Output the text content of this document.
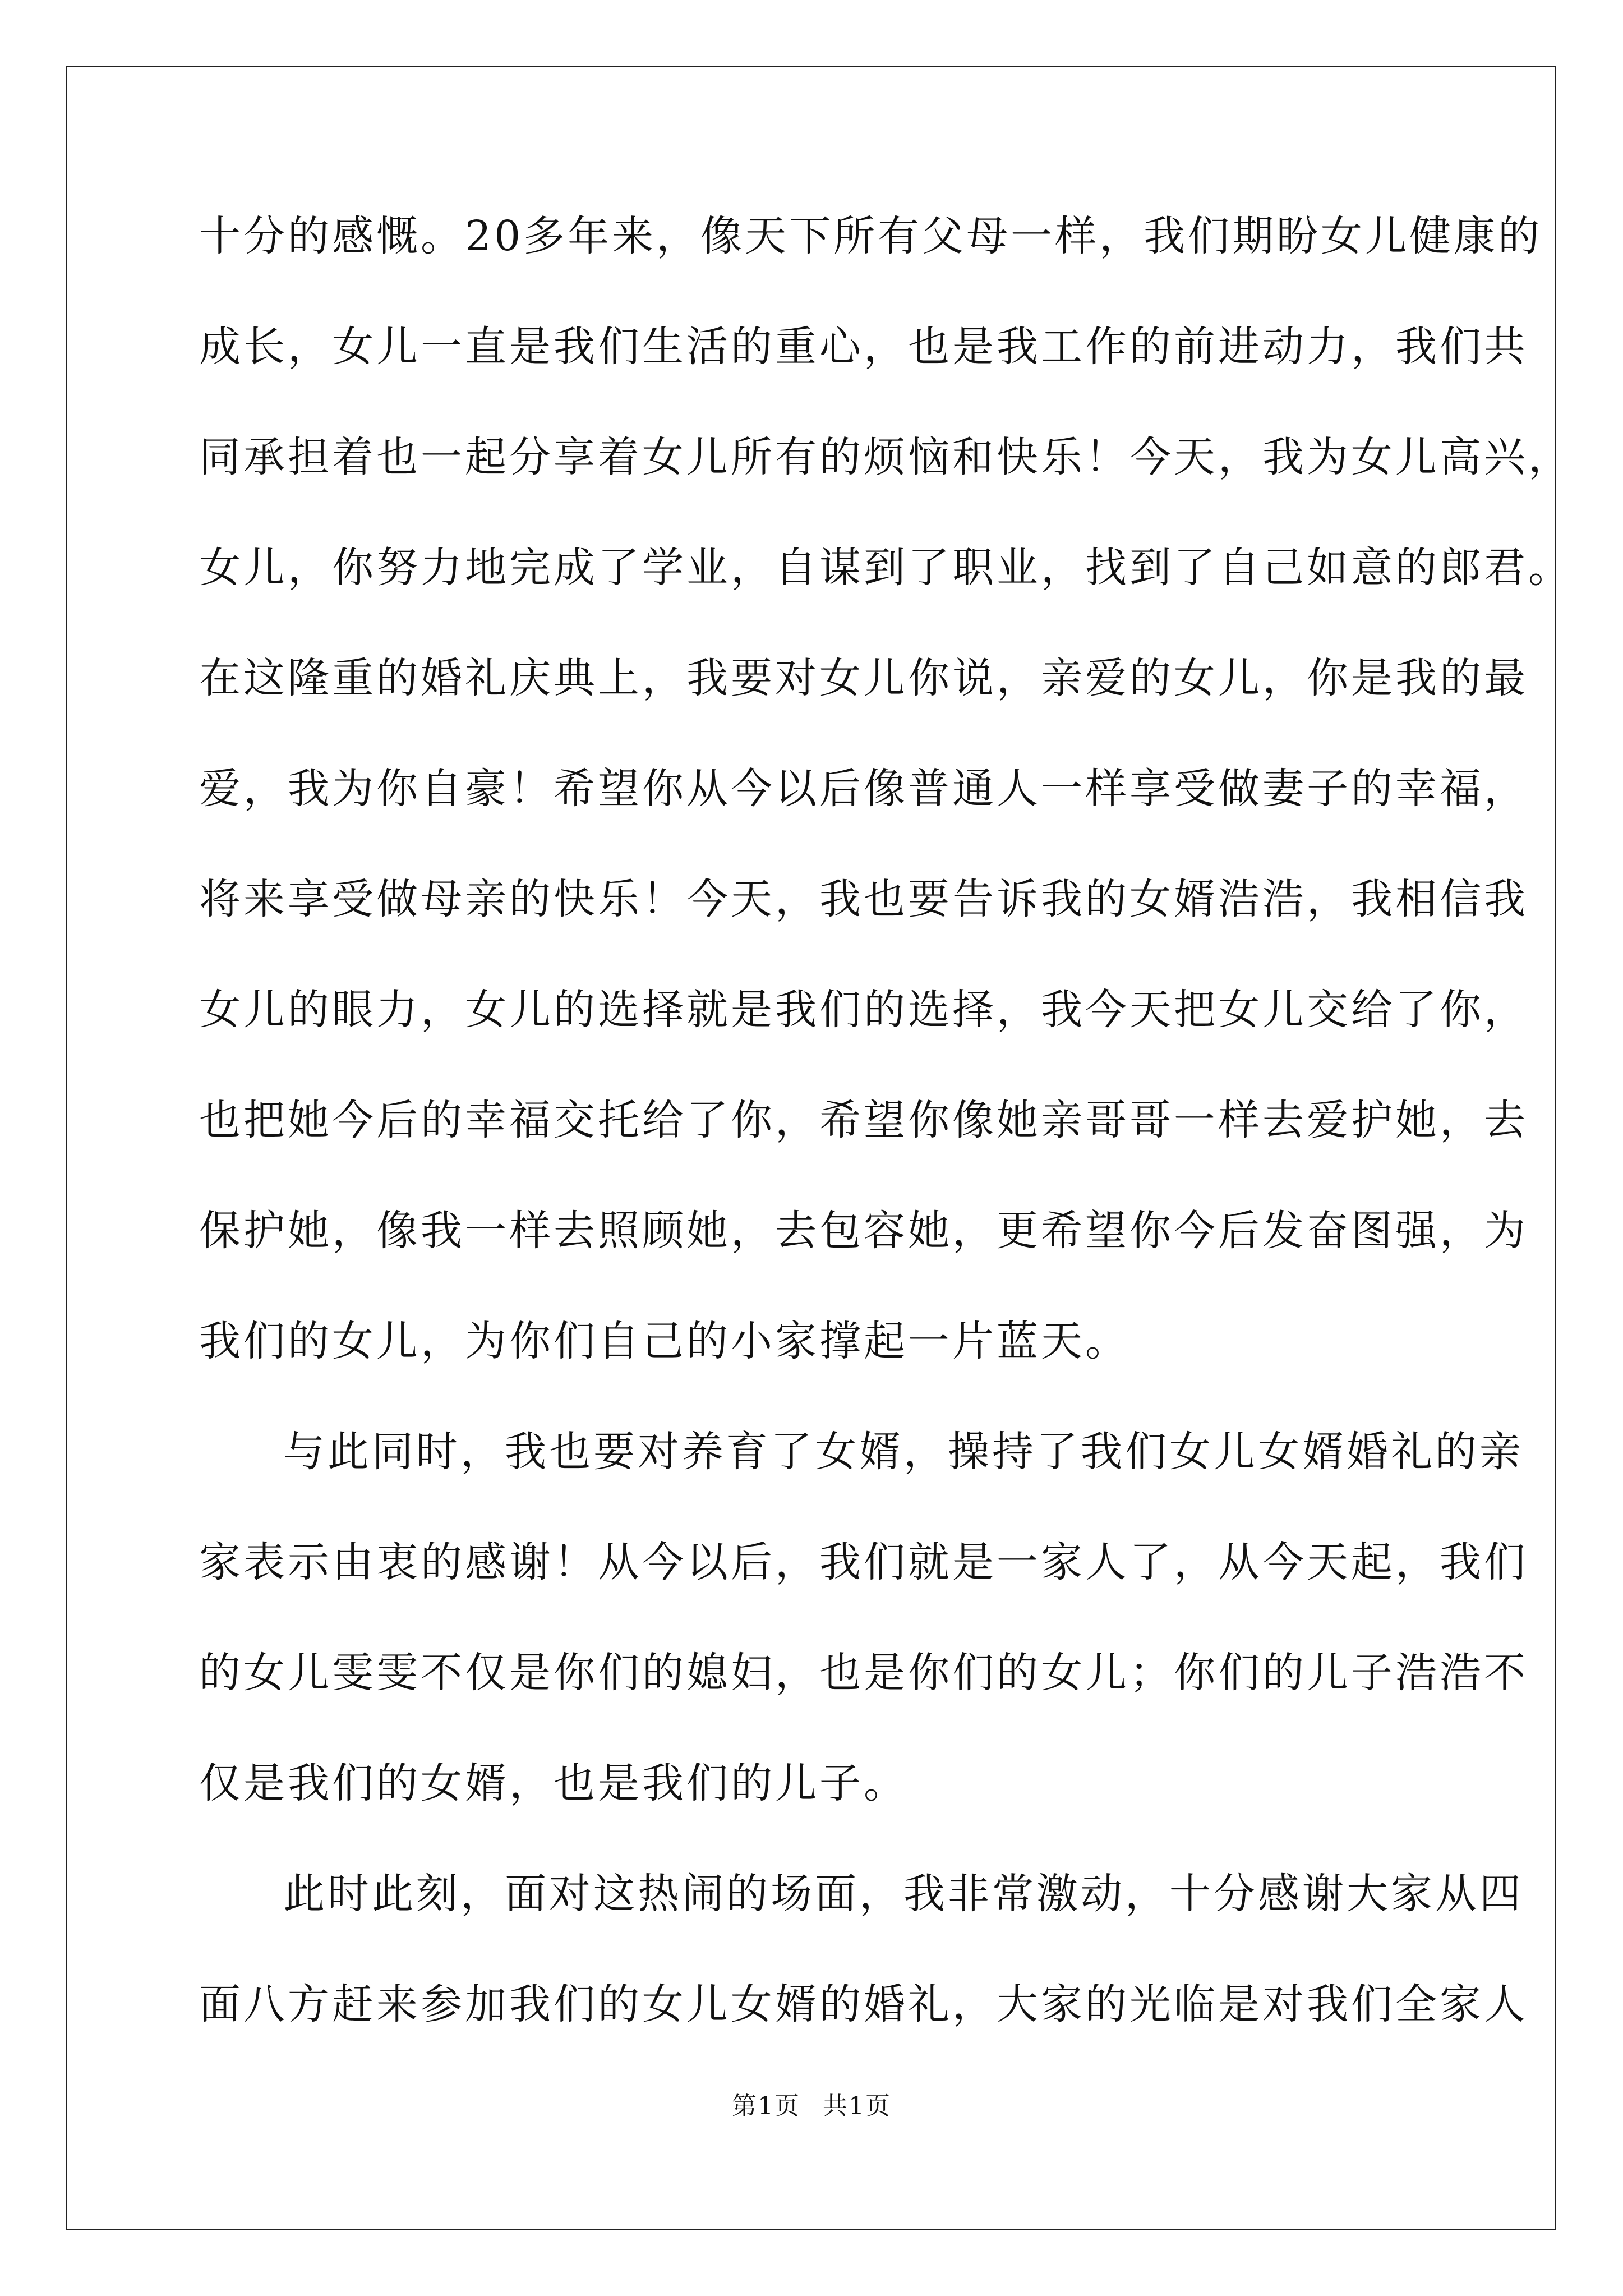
十分的感慨。20多年来，像天下所有父母一样，我们期盼女儿健康的
成长，女儿一直是我们生活的重心，也是我工作的前进动力，我们共
同承担着也一起分享着女儿所有的烦恼和快乐！今天，我为女儿高兴，
女儿，你努力地完成了学业，自谋到了职业，找到了自己如意的郎君。
在这隆重的婚礼庆典上，我要对女儿你说，亲爱的女儿，你是我的最
爱，我为你自豪！希望你从今以后像普通人一样享受做妻子的幸福，
将来享受做母亲的快乐！今天，我也要告诉我的女婿浩浩，我相信我
女儿的眼力，女儿的选择就是我们的选择，我今天把女儿交给了你，
也把她今后的幸福交托给了你，希望你像她亲哥哥一样去爱护她，去
保护她，像我一样去照顾她，去包容她，更希望你今后发奋图强，为
我们的女儿，为你们自己的小家撑起一片蓝天。
与此同时，我也要对养育了女婿，操持了我们女儿女婿婚礼的亲
家表示由衷的感谢！从今以后，我们就是一家人了，从今天起，我们
的女儿雯雯不仅是你们的媳妇，也是你们的女儿；你们的儿子浩浩不
仅是我们的女婿，也是我们的儿子。
此时此刻，面对这热闹的场面，我非常激动，十分感谢大家从四
面八方赶来参加我们的女儿女婿的婚礼，大家的光临是对我们全家人
第1页 共1页
